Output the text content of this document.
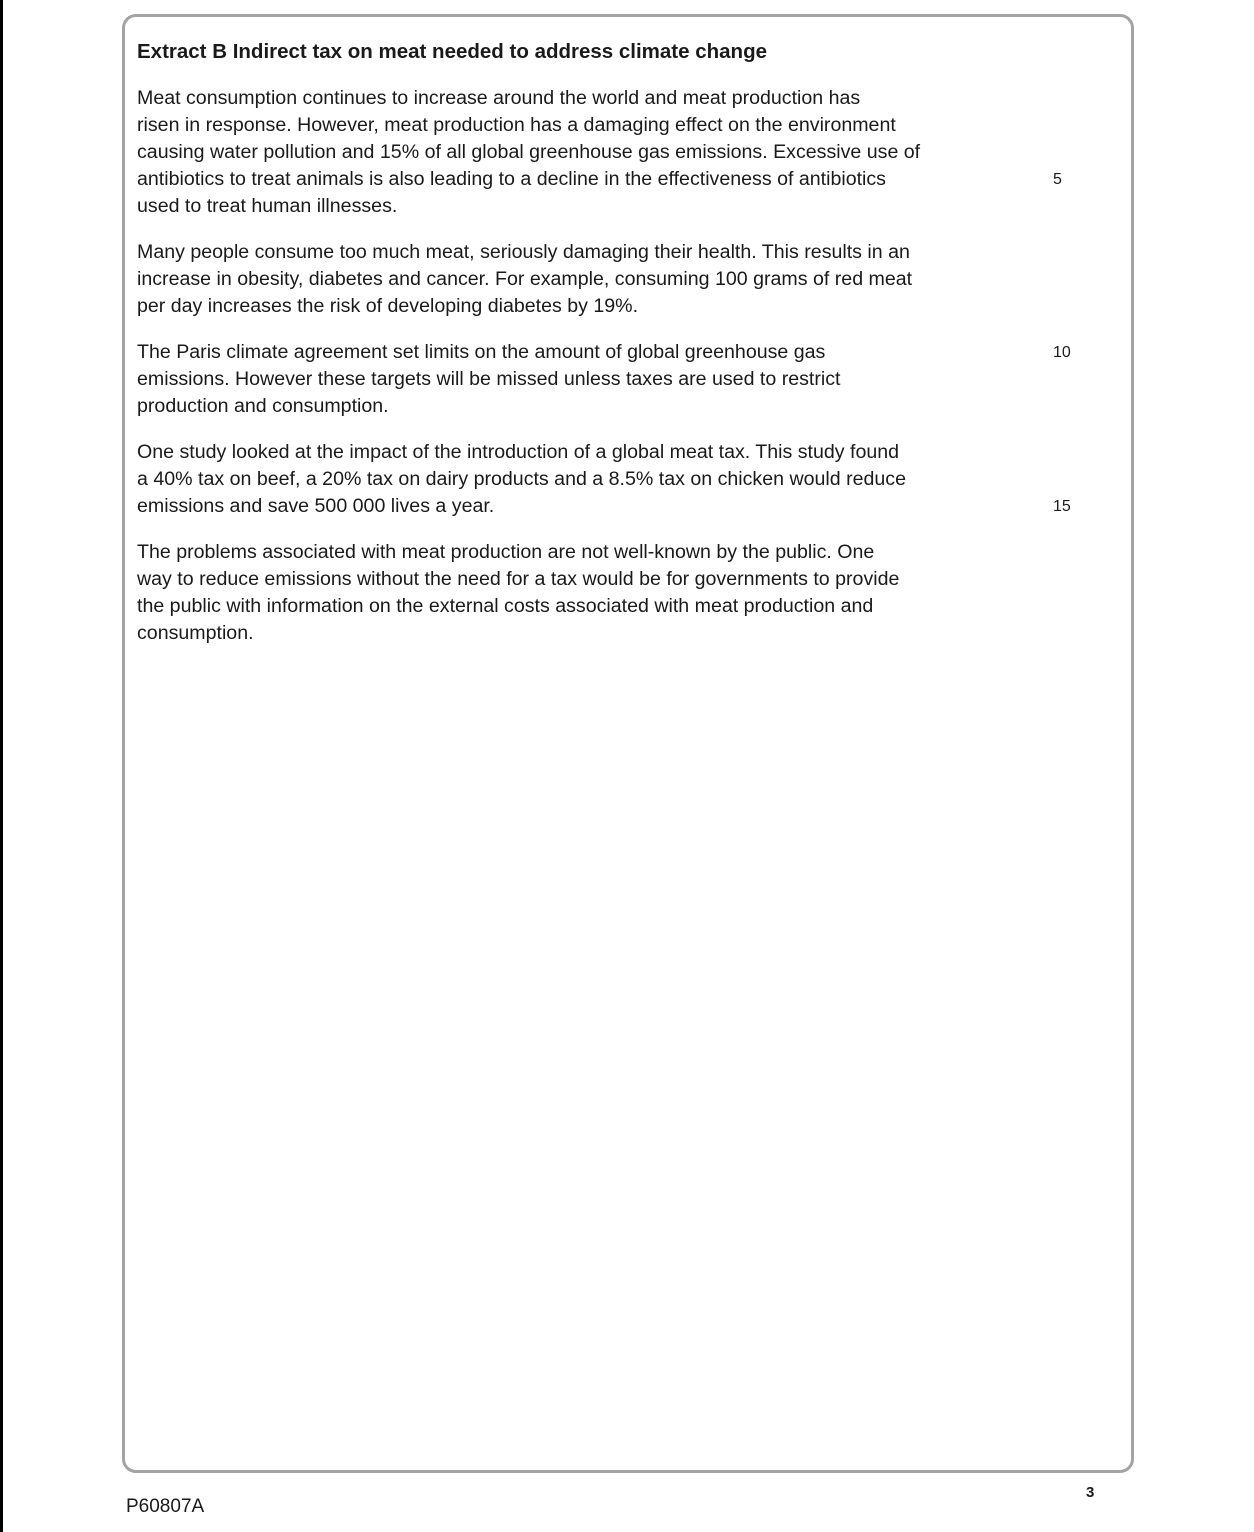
Extract B Indirect tax on meat needed to address climate change
Meat consumption continues to increase around the world and meat production has
risen in response. However, meat production has a damaging effect on the environment
causing water pollution and 15% of all global greenhouse gas emissions. Excessive use of
antibiotics to treat animals is also leading to a decline in the effectiveness of antibiotics
used to treat human illnesses.
Many people consume too much meat, seriously damaging their health. This results in an
increase in obesity, diabetes and cancer. For example, consuming 100 grams of red meat
per day increases the risk of developing diabetes by 19%.
The Paris climate agreement set limits on the amount of global greenhouse gas
emissions. However these targets will be missed unless taxes are used to restrict
production and consumption.
One study looked at the impact of the introduction of a global meat tax. This study found
a 40% tax on beef, a 20% tax on dairy products and a 8.5% tax on chicken would reduce
emissions and save 500 000 lives a year.
The problems associated with meat production are not well-known by the public. One
way to reduce emissions without the need for a tax would be for governments to provide
the public with information on the external costs associated with meat production and
consumption.
5
10
15
P60807A
3
